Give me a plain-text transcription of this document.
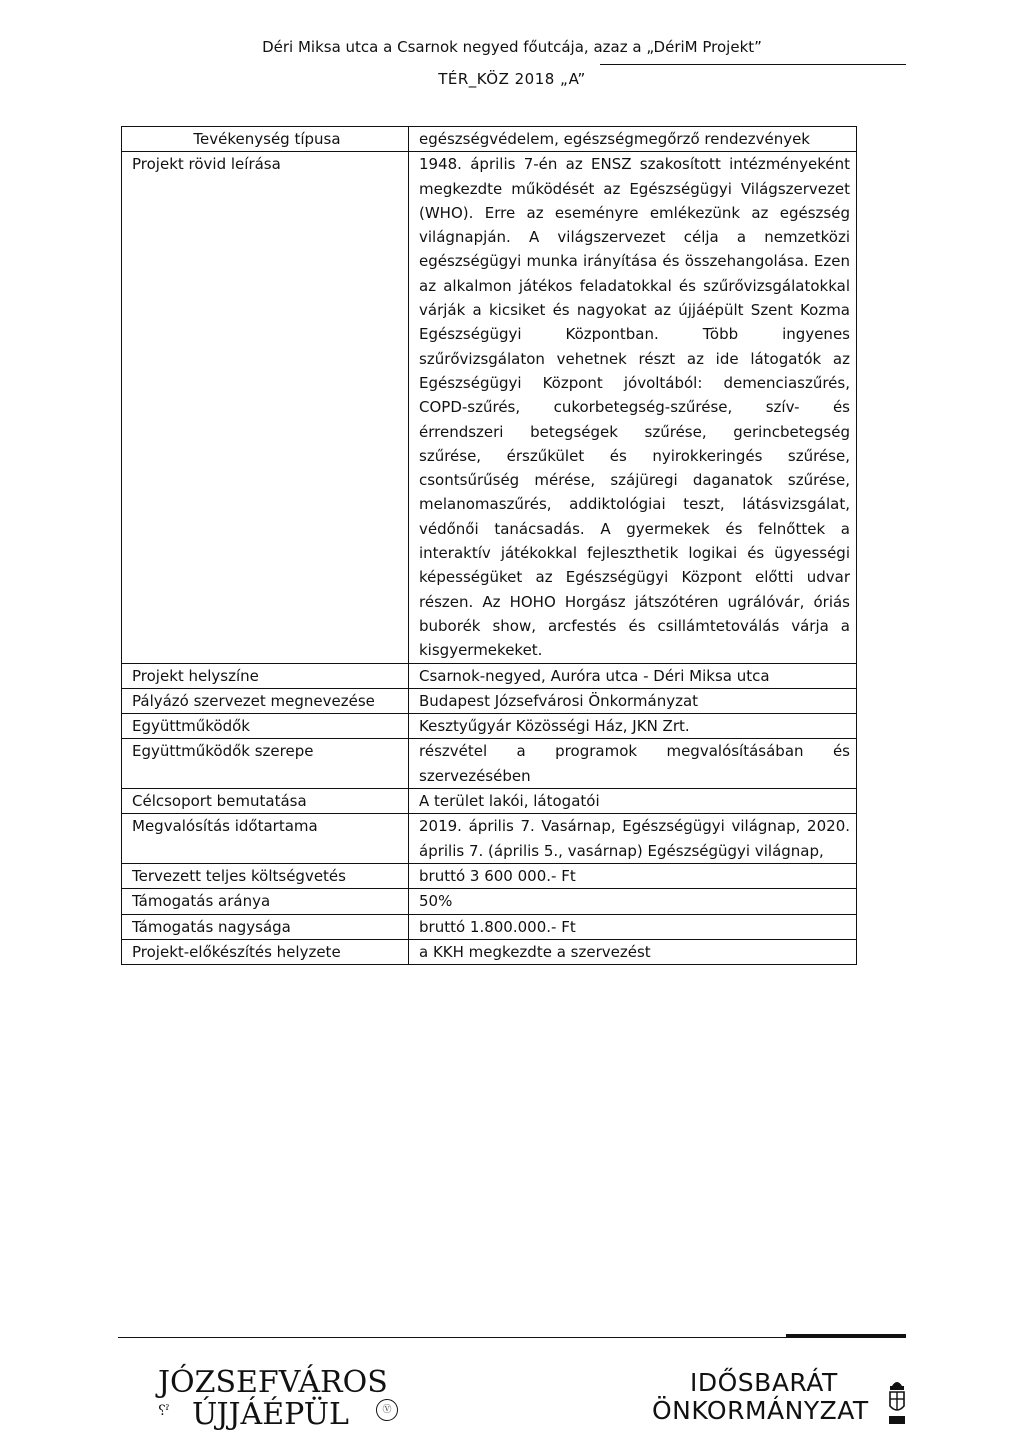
Déri Miksa utca a Csarnok negyed főutcája, azaz a „DériM Projekt”
TÉR_KÖZ 2018 „A”
Tevékenység típusa	egészségvédelem, egészségmegőrző rendezvények
Projekt rövid leírása	1948. április 7-én az ENSZ szakosított intézményeként megkezdte működését az Egészségügyi Világszervezet (WHO). Erre az eseményre emlékezünk az egészség világnapján. A világszervezet célja a nemzetközi egészségügyi munka irányítása és összehangolása. Ezen az alkalmon játékos feladatokkal és szűrővizsgálatokkal várják a kicsiket és nagyokat az újjáépült Szent Kozma Egészségügyi Központban. Több ingyenes szűrővizsgálaton vehetnek részt az ide látogatók az Egészségügyi Központ jóvoltából: demenciaszűrés, COPD-szűrés, cukorbetegség-szűrése, szív- és érrendszeri betegségek szűrése, gerincbetegség szűrése, érszűkület és nyirokkeringés szűrése, csontsűrűség mérése, szájüregi daganatok szűrése, melanomaszűrés, addiktológiai teszt, látásvizsgálat, védőnői tanácsadás. A gyermekek és felnőttek a interaktív játékokkal fejleszthetik logikai és ügyességi képességüket az Egészségügyi Központ előtti udvar részen. Az HOHO Horgász játszótéren ugrálóvár, óriás buborék show, arcfestés és csillámtetoválás várja a kisgyermekeket.
Projekt helyszíne	Csarnok-negyed, Auróra utca - Déri Miksa utca
Pályázó szervezet megnevezése	Budapest Józsefvárosi Önkormányzat
Együttműködők	Kesztyűgyár Közösségi Ház, JKN Zrt.
Együttműködők szerepe	részvétel a programok megvalósításában és szervezésében
Célcsoport bemutatása	A terület lakói, látogatói
Megvalósítás időtartama	2019. április 7. Vasárnap, Egészségügyi világnap, 2020. április 7. (április 5., vasárnap) Egészségügyi világnap,
Tervezett teljes költségvetés	bruttó 3 600 000.- Ft
Támogatás aránya	50%
Támogatás nagysága	bruttó 1.800.000.- Ft
Projekt-előkészítés helyzete	a KKH megkezdte a szervezést
JÓZSEFVÁROS
⸮ˀ ÚJJÁÉPÜL	Ⓥ
IDŐSBARÁT
ÖNKORMÁNYZAT
